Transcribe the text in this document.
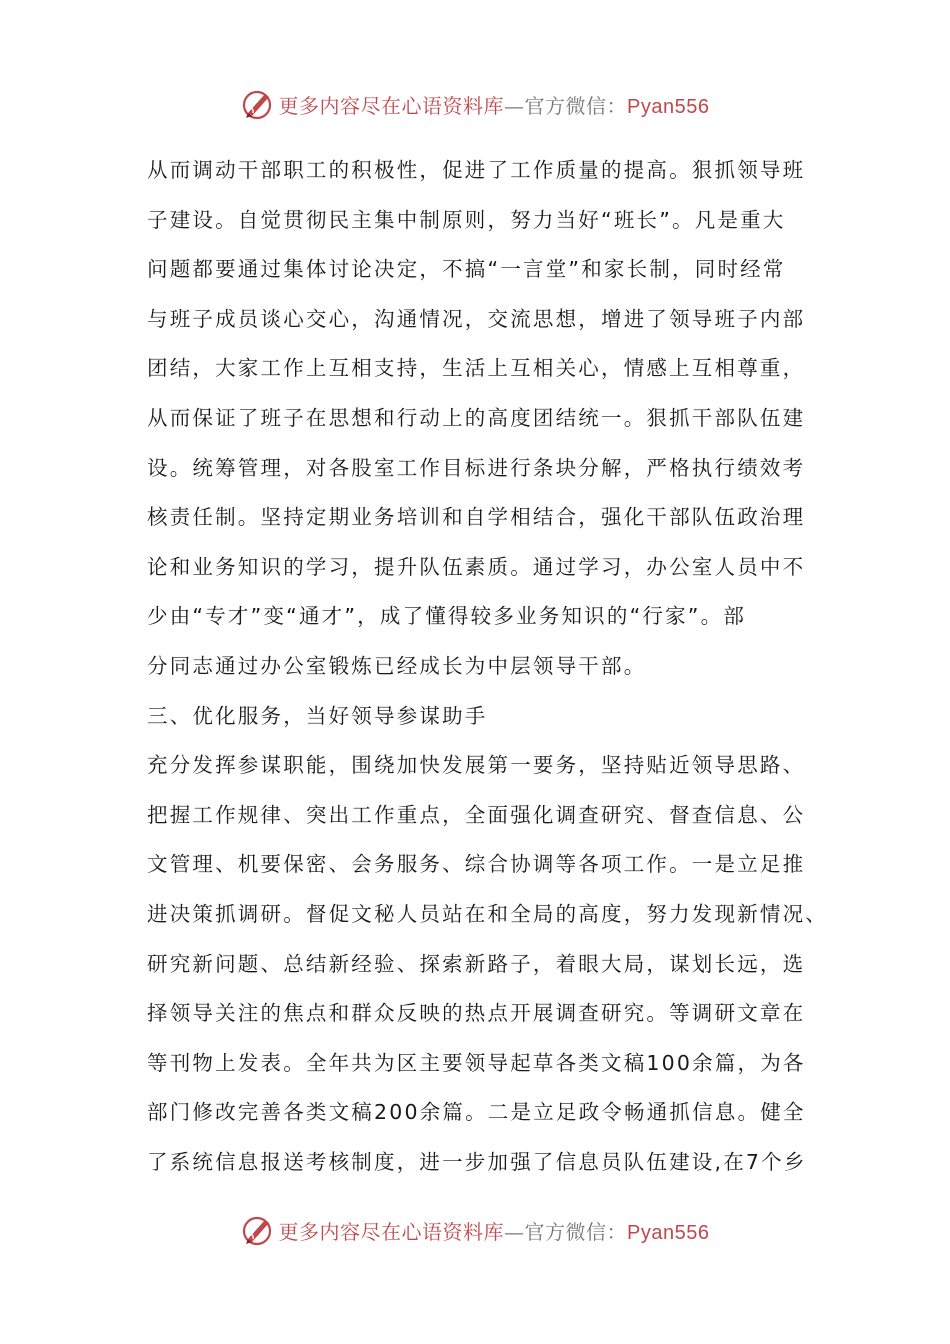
更多内容尽在心语资料库—官方微信：Pyan556
从而调动干部职工的积极性，促进了工作质量的提高。狠抓领导班
子建设。自觉贯彻民主集中制原则，努力当好“班长”。凡是重大
问题都要通过集体讨论决定，不搞“一言堂”和家长制，同时经常
与班子成员谈心交心，沟通情况，交流思想，增进了领导班子内部
团结，大家工作上互相支持，生活上互相关心，情感上互相尊重，
从而保证了班子在思想和行动上的高度团结统一。狠抓干部队伍建
设。统筹管理，对各股室工作目标进行条块分解，严格执行绩效考
核责任制。坚持定期业务培训和自学相结合，强化干部队伍政治理
论和业务知识的学习，提升队伍素质。通过学习，办公室人员中不
少由“专才”变“通才”，成了懂得较多业务知识的“行家”。部
分同志通过办公室锻炼已经成长为中层领导干部。
三、优化服务，当好领导参谋助手
充分发挥参谋职能，围绕加快发展第一要务，坚持贴近领导思路、
把握工作规律、突出工作重点，全面强化调查研究、督查信息、公
文管理、机要保密、会务服务、综合协调等各项工作。一是立足推
进决策抓调研。督促文秘人员站在和全局的高度，努力发现新情况、
研究新问题、总结新经验、探索新路子，着眼大局，谋划长远，选
择领导关注的焦点和群众反映的热点开展调查研究。等调研文章在
等刊物上发表。全年共为区主要领导起草各类文稿100余篇，为各
部门修改完善各类文稿200余篇。二是立足政令畅通抓信息。健全
了系统信息报送考核制度，进一步加强了信息员队伍建设,在7个乡
更多内容尽在心语资料库—官方微信：Pyan556
